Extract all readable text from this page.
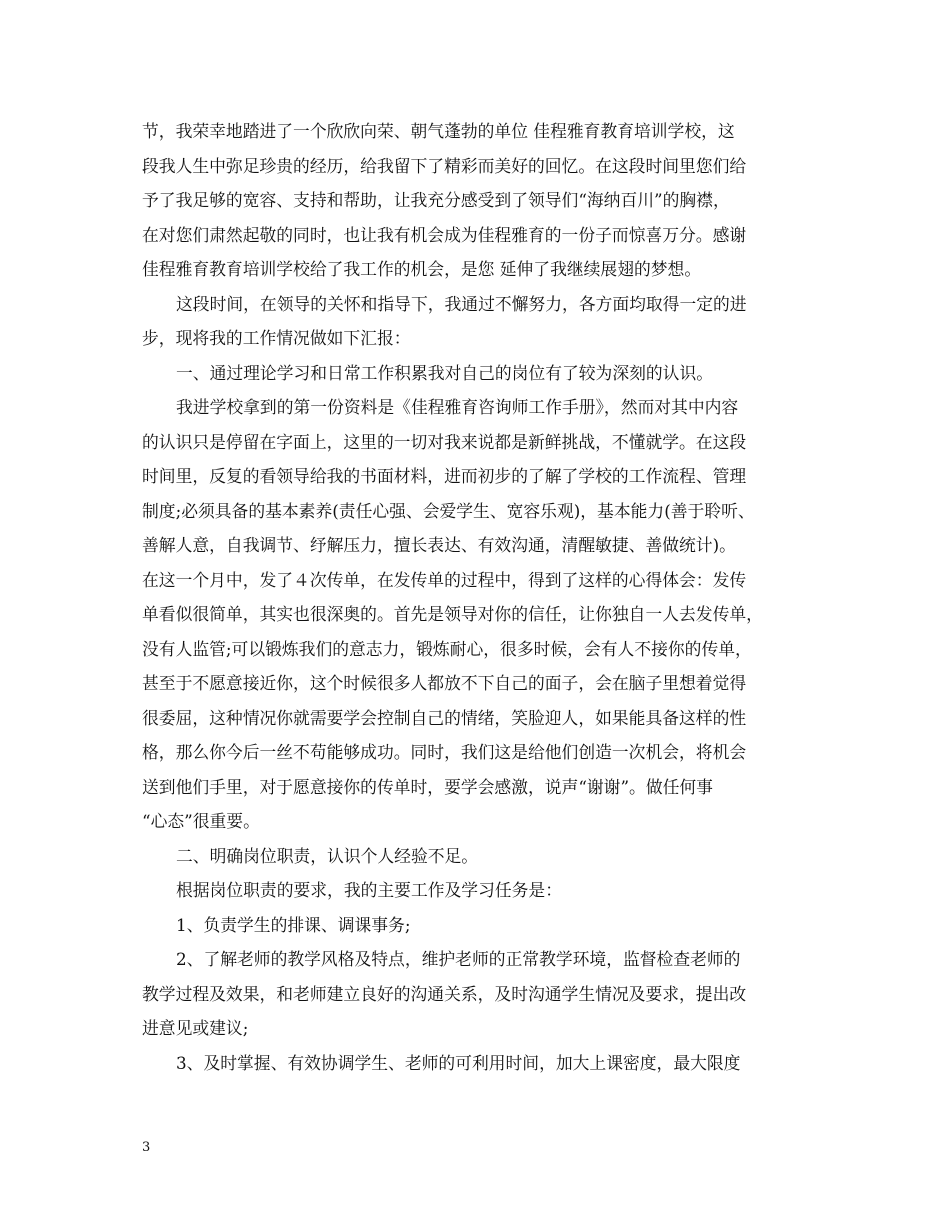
节，我荣幸地踏进了一个欣欣向荣、朝气蓬勃的单位 佳程雅育教育培训学校，这
段我人生中弥足珍贵的经历，给我留下了精彩而美好的回忆。在这段时间里您们给
予了我足够的宽容、支持和帮助，让我充分感受到了领导们“海纳百川”的胸襟，
在对您们肃然起敬的同时，也让我有机会成为佳程雅育的一份子而惊喜万分。感谢
佳程雅育教育培训学校给了我工作的机会，是您 延伸了我继续展翅的梦想。
这段时间，在领导的关怀和指导下，我通过不懈努力，各方面均取得一定的进
步，现将我的工作情况做如下汇报：
一、通过理论学习和日常工作积累我对自己的岗位有了较为深刻的认识。
我进学校拿到的第一份资料是《佳程雅育咨询师工作手册》，然而对其中内容
的认识只是停留在字面上，这里的一切对我来说都是新鲜挑战，不懂就学。在这段
时间里，反复的看领导给我的书面材料，进而初步的了解了学校的工作流程、管理
制度;必须具备的基本素养(责任心强、会爱学生、宽容乐观)，基本能力(善于聆听、
善解人意，自我调节、纾解压力，擅长表达、有效沟通，清醒敏捷、善做统计)。
在这一个月中，发了４次传单，在发传单的过程中，得到了这样的心得体会：发传
单看似很简单，其实也很深奥的。首先是领导对你的信任，让你独自一人去发传单，
没有人监管;可以锻炼我们的意志力，锻炼耐心，很多时候，会有人不接你的传单，
甚至于不愿意接近你，这个时候很多人都放不下自己的面子，会在脑子里想着觉得
很委屈，这种情况你就需要学会控制自己的情绪，笑脸迎人，如果能具备这样的性
格，那么你今后一丝不苟能够成功。同时，我们这是给他们创造一次机会，将机会
送到他们手里，对于愿意接你的传单时，要学会感激，说声“谢谢”。做任何事
“心态”很重要。
二、明确岗位职责，认识个人经验不足。
根据岗位职责的要求，我的主要工作及学习任务是：
1、负责学生的排课、调课事务;
2、了解老师的教学风格及特点，维护老师的正常教学环境，监督检查老师的
教学过程及效果，和老师建立良好的沟通关系，及时沟通学生情况及要求，提出改
进意见或建议;
3、及时掌握、有效协调学生、老师的可利用时间，加大上课密度，最大限度
3
